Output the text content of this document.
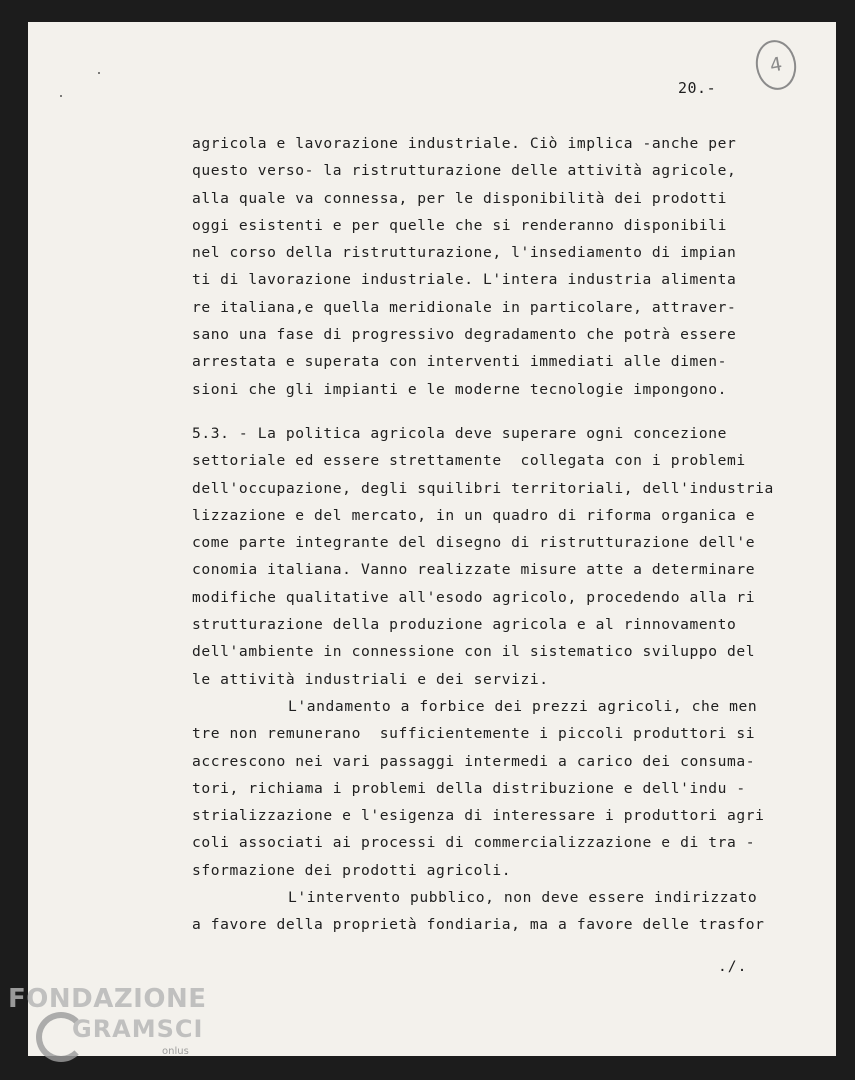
20.-
4
agricola e lavorazione industriale. Ciò implica -anche per
questo verso- la ristrutturazione delle attività agricole,
alla quale va connessa, per le disponibilità dei prodotti
oggi esistenti e per quelle che si renderanno disponibili
nel corso della ristrutturazione, l'insediamento di impian
ti di lavorazione industriale. L'intera industria alimenta
re italiana,e quella meridionale in particolare, attraver-
sano una fase di progressivo degradamento che potrà essere
arrestata e superata con interventi immediati alle dimen-
sioni che gli impianti e le moderne tecnologie impongono.
5.3. - La politica agricola deve superare ogni concezione
settoriale ed essere strettamente  collegata con i problemi
dell'occupazione, degli squilibri territoriali, dell'industria
lizzazione e del mercato, in un quadro di riforma organica e
come parte integrante del disegno di ristrutturazione dell'e
conomia italiana. Vanno realizzate misure atte a determinare
modifiche qualitative all'esodo agricolo, procedendo alla ri
strutturazione della produzione agricola e al rinnovamento
dell'ambiente in connessione con il sistematico sviluppo del
le attività industriali e dei servizi.
L'andamento a forbice dei prezzi agricoli, che men
tre non remunerano  sufficientemente i piccoli produttori si
accrescono nei vari passaggi intermedi a carico dei consuma-
tori, richiama i problemi della distribuzione e dell'indu -
strializzazione e l'esigenza di interessare i produttori agri
coli associati ai processi di commercializzazione e di tra -
sformazione dei prodotti agricoli.
L'intervento pubblico, non deve essere indirizzato
a favore della proprietà fondiaria, ma a favore delle trasfor
./.
FONDAZIONE
GRAMSCI
onlus
